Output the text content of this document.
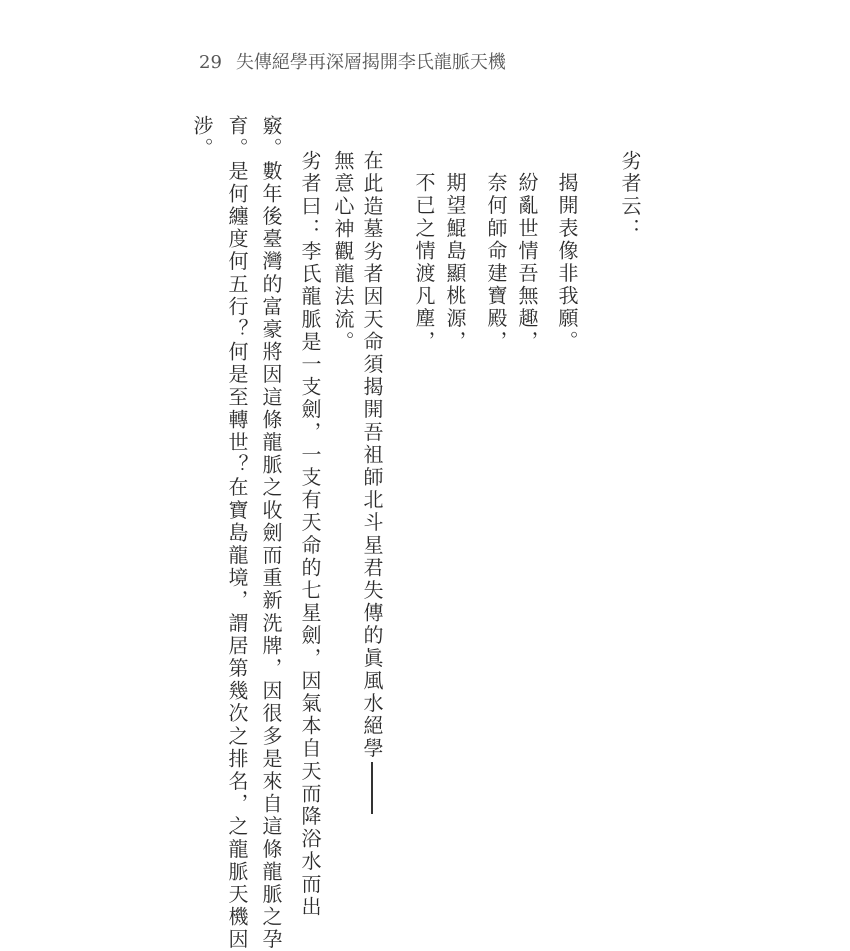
29 失傳絕學再深層揭開李氏龍脈天機
劣者云：
揭開表像非我願。
紛亂世情吾無趣，
奈何師命建寶殿，
期望鯤島顯桃源，
不已之情渡凡塵，
在此造墓劣者因天命須揭開吾祖師北斗星君失傳的眞風水絕學
無意心神觀龍法流。
劣者曰：李氏龍脈是一支劍，一支有天命的七星劍，因氣本自天而降浴水而出
竅。數年後臺灣的富豪將因這條龍脈之收劍而重新洗牌，因很多是來自這條龍脈之孕
育。是何纏度何五行？何是至轉世？在寶島龍境，謂居第幾次之排名，之龍脈天機因
涉。
